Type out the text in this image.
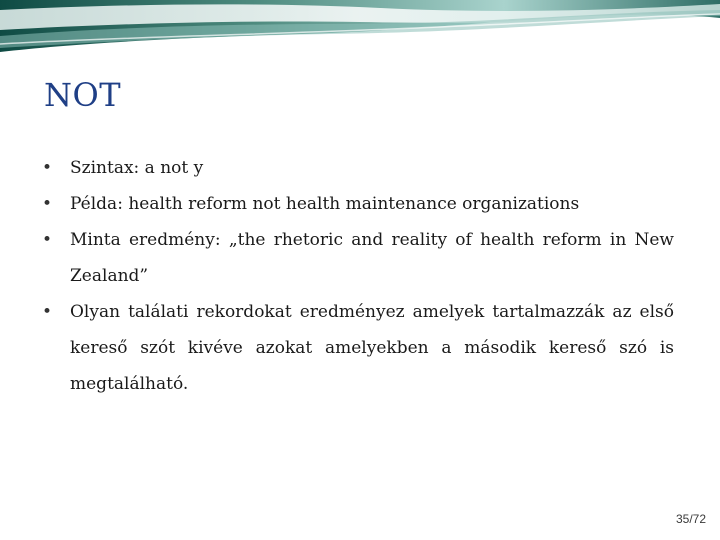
NOT
• Szintax: a not y
• Példa: health reform not health maintenance organizations
• Minta eredmény: „the rhetoric and reality of health reform in New Zealand”
• Olyan találati rekordokat eredményez amelyek tartalmazzák az első kereső szót kivéve azokat amelyekben a második kereső szó is megtalálható.
35/72
